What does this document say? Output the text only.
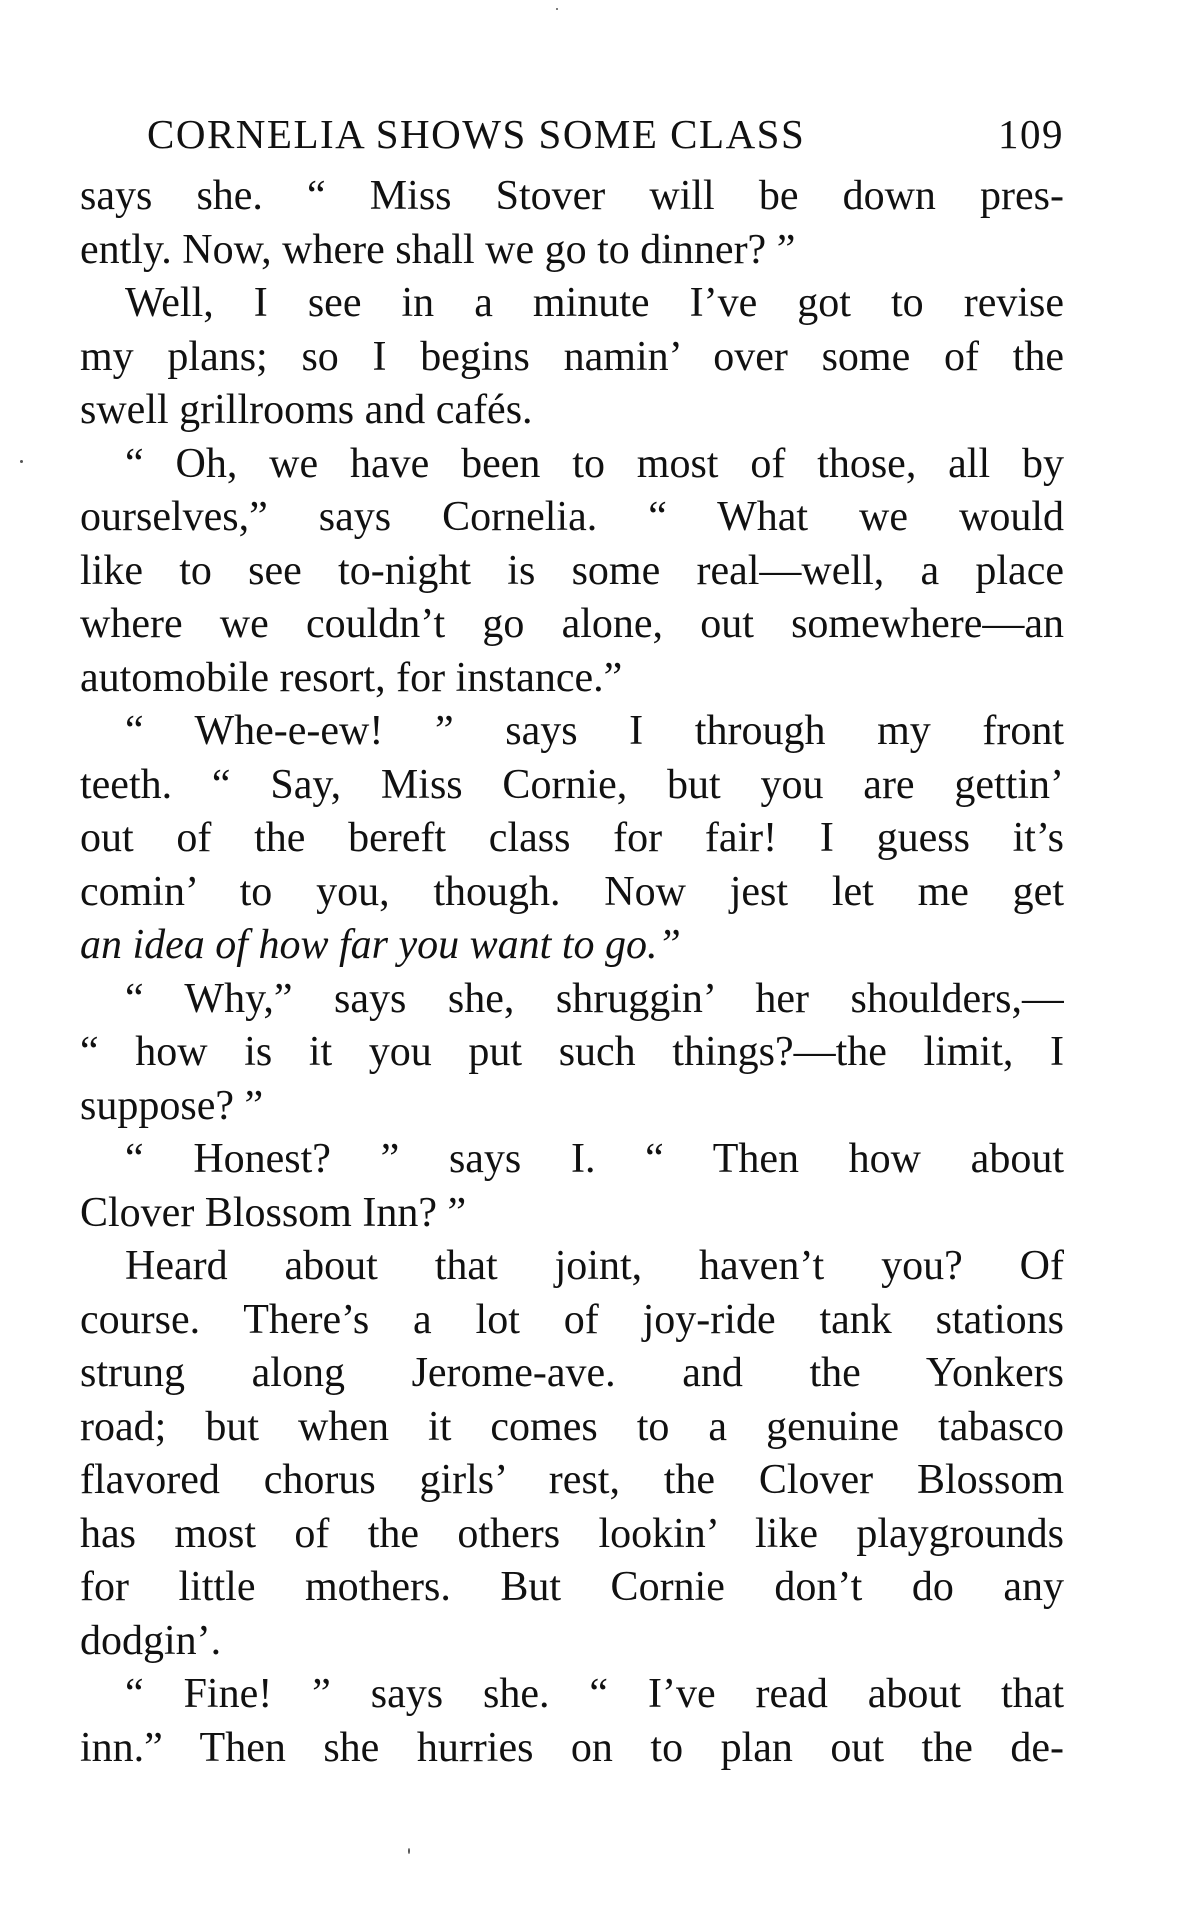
CORNELIA SHOWS SOME CLASS	109
says she. “ Miss Stover will be down pres-
ently. Now, where shall we go to dinner? ”
Well, I see in a minute I’ve got to revise
my plans; so I begins namin’ over some of the
swell grillrooms and cafés.
“ Oh, we have been to most of those, all by
ourselves,” says Cornelia. “ What we would
like to see to-night is some real—well, a place
where we couldn’t go alone, out somewhere—an
automobile resort, for instance.”
“ Whe-e-ew! ” says I through my front
teeth. “ Say, Miss Cornie, but you are gettin’
out of the bereft class for fair! I guess it’s
comin’ to you, though. Now jest let me get
an idea of how far you want to go.”
“ Why,” says she, shruggin’ her shoulders,—
“ how is it you put such things?—the limit, I
suppose? ”
“ Honest? ” says I. “ Then how about
Clover Blossom Inn? ”
Heard about that joint, haven’t you? Of
course. There’s a lot of joy-ride tank stations
strung along Jerome-ave. and the Yonkers
road; but when it comes to a genuine tabasco
flavored chorus girls’ rest, the Clover Blossom
has most of the others lookin’ like playgrounds
for little mothers. But Cornie don’t do any
dodgin’.
“ Fine! ” says she. “ I’ve read about that
inn.” Then she hurries on to plan out the de-
